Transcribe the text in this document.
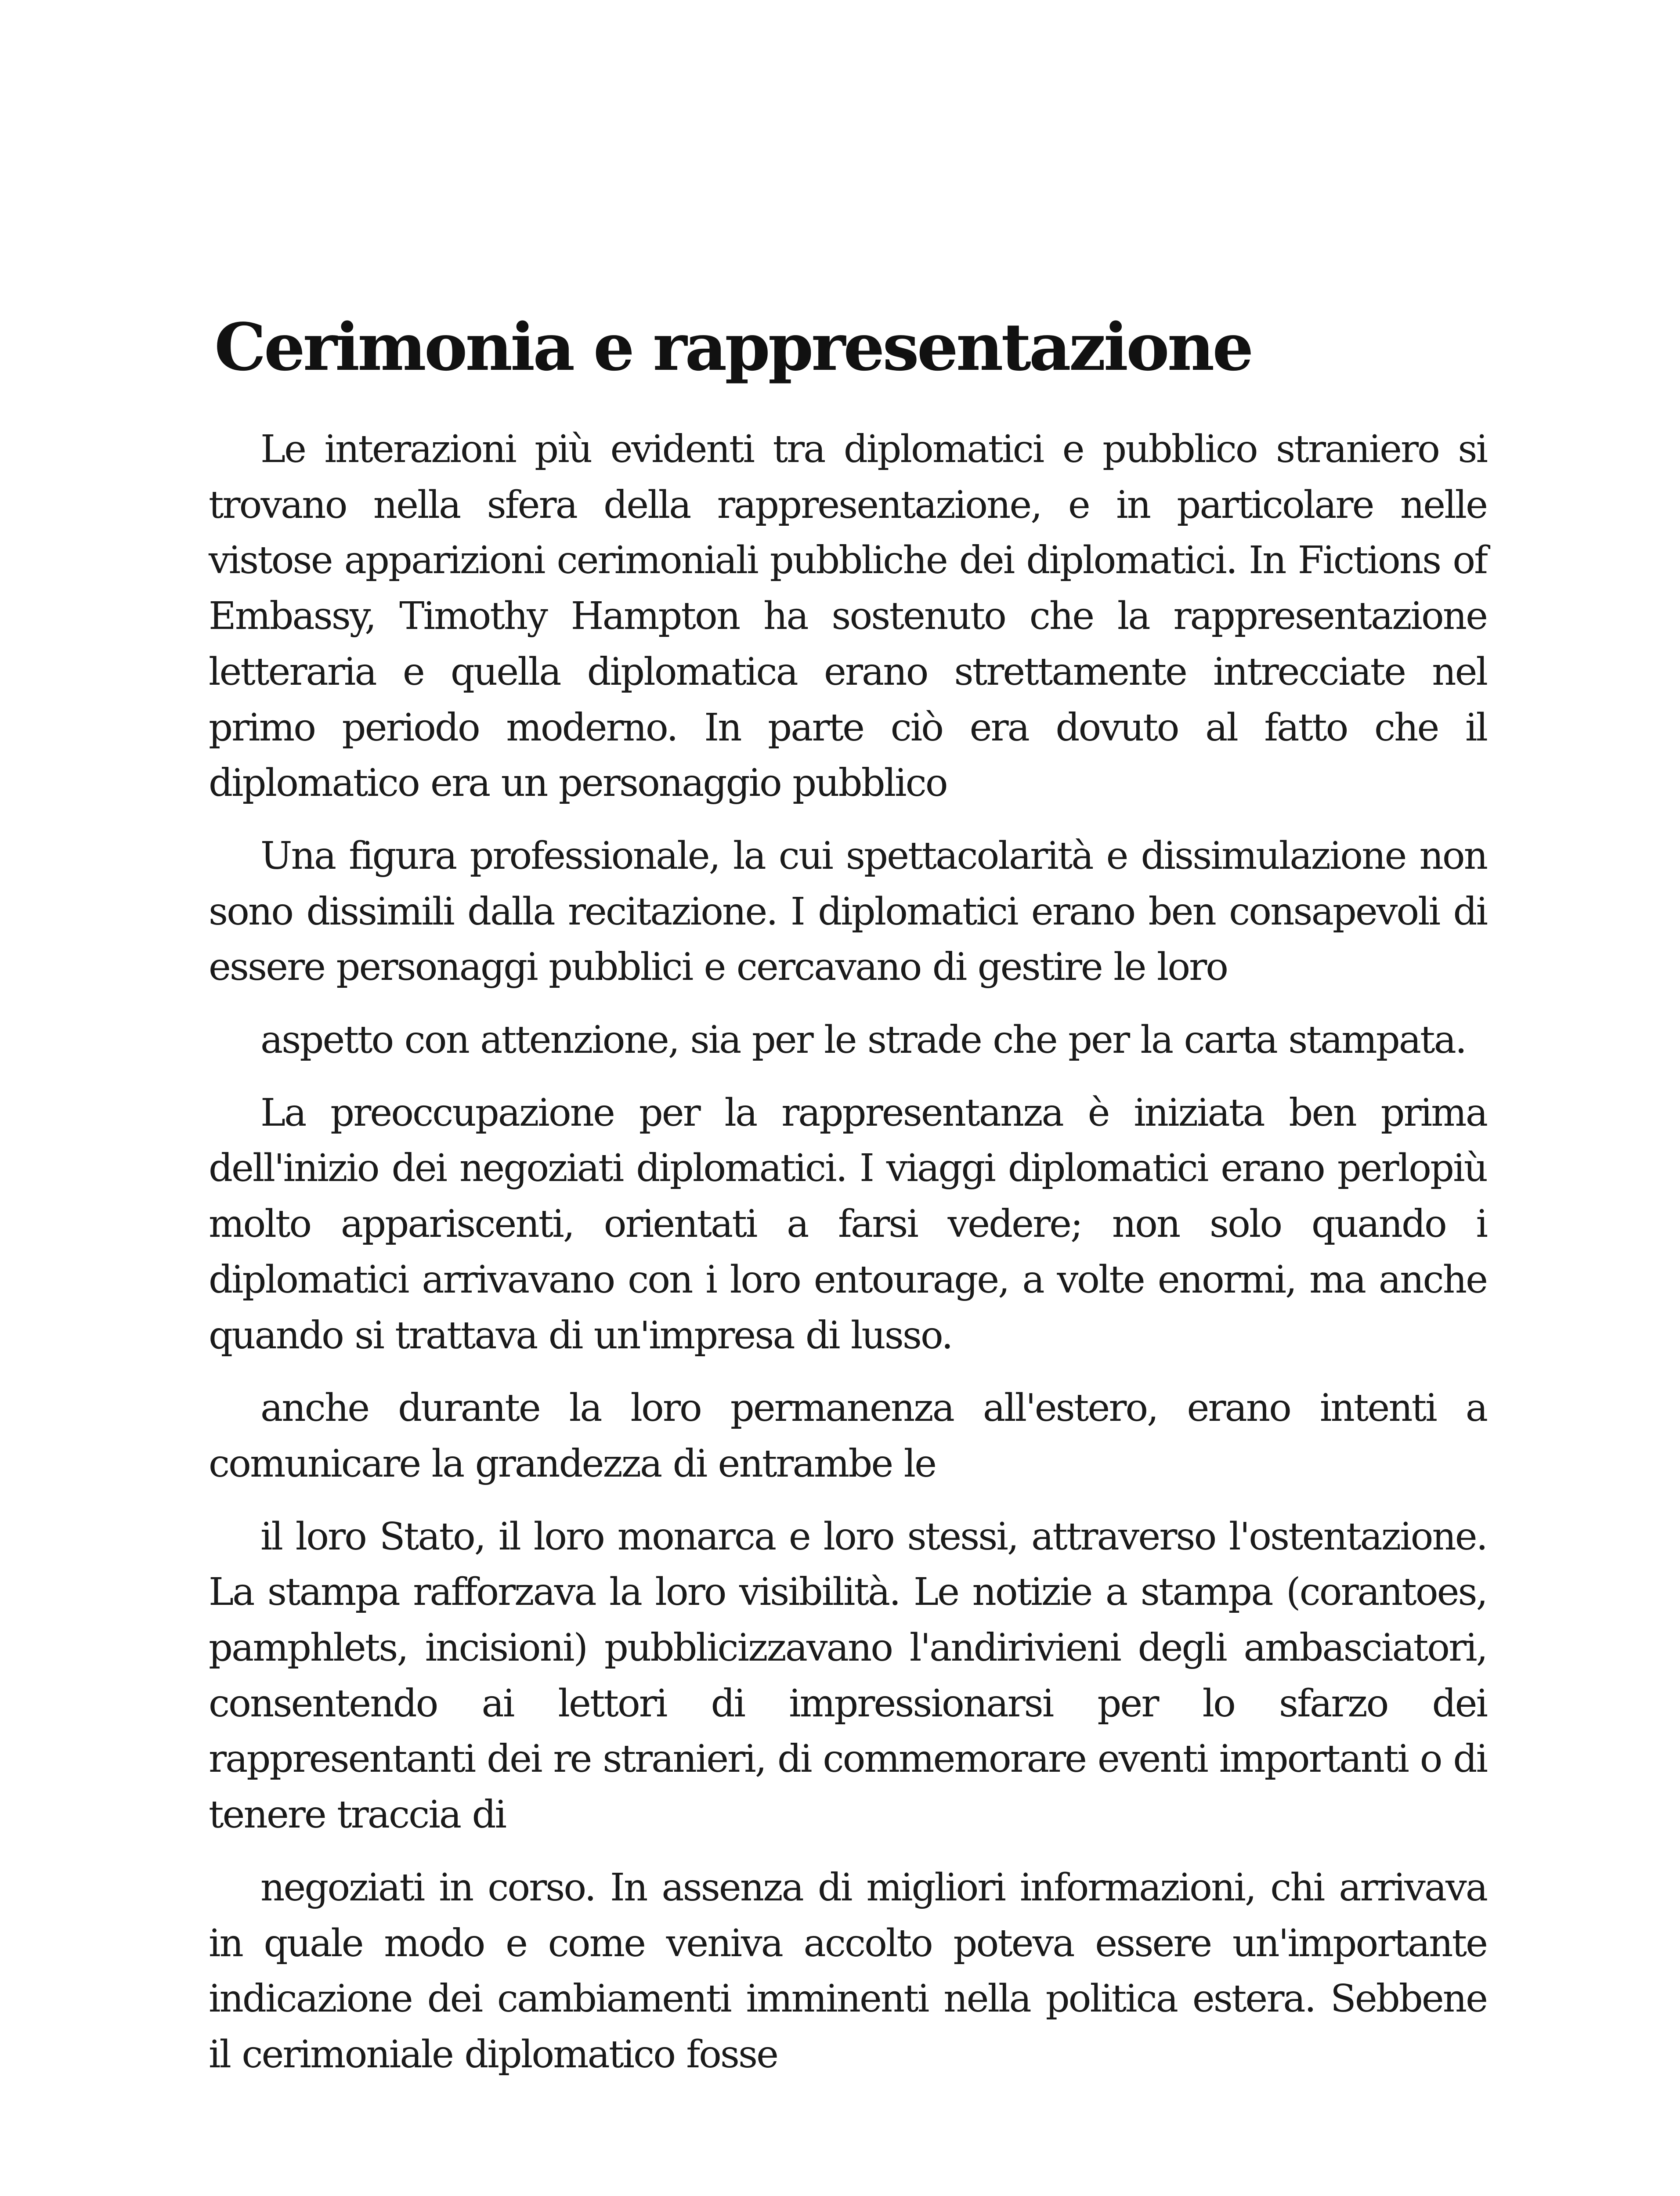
Cerimonia e rappresentazione

Le interazioni più evidenti tra diplomatici e pubblico straniero si trovano nella sfera della rappresentazione, e in particolare nelle vistose apparizioni cerimoniali pubbliche dei diplomatici. In Fictions of Embassy, Timothy Hampton ha sostenuto che la rappresentazione letteraria e quella diplomatica erano strettamente intrecciate nel primo periodo moderno. In parte ciò era dovuto al fatto che il diplomatico era un personaggio pubblico

Una figura professionale, la cui spettacolarità e dissimulazione non sono dissimili dalla recitazione. I diplomatici erano ben consapevoli di essere personaggi pubblici e cercavano di gestire le loro

aspetto con attenzione, sia per le strade che per la carta stampata.

La preoccupazione per la rappresentanza è iniziata ben prima dell'inizio dei negoziati diplomatici. I viaggi diplomatici erano perlopiù molto appariscenti, orientati a farsi vedere; non solo quando i diplomatici arrivavano con i loro entourage, a volte enormi, ma anche quando si trattava di un'impresa di lusso.

anche durante la loro permanenza all'estero, erano intenti a comunicare la grandezza di entrambe le

il loro Stato, il loro monarca e loro stessi, attraverso l'ostentazione. La stampa rafforzava la loro visibilità. Le notizie a stampa (corantoes, pamphlets, incisioni) pubblicizzavano l'andirivieni degli ambasciatori, consentendo ai lettori di impressionarsi per lo sfarzo dei rappresentanti dei re stranieri, di commemorare eventi importanti o di tenere traccia di

negoziati in corso. In assenza di migliori informazioni, chi arrivava in quale modo e come veniva accolto poteva essere un'importante indicazione dei cambiamenti imminenti nella politica estera. Sebbene il cerimoniale diplomatico fosse
